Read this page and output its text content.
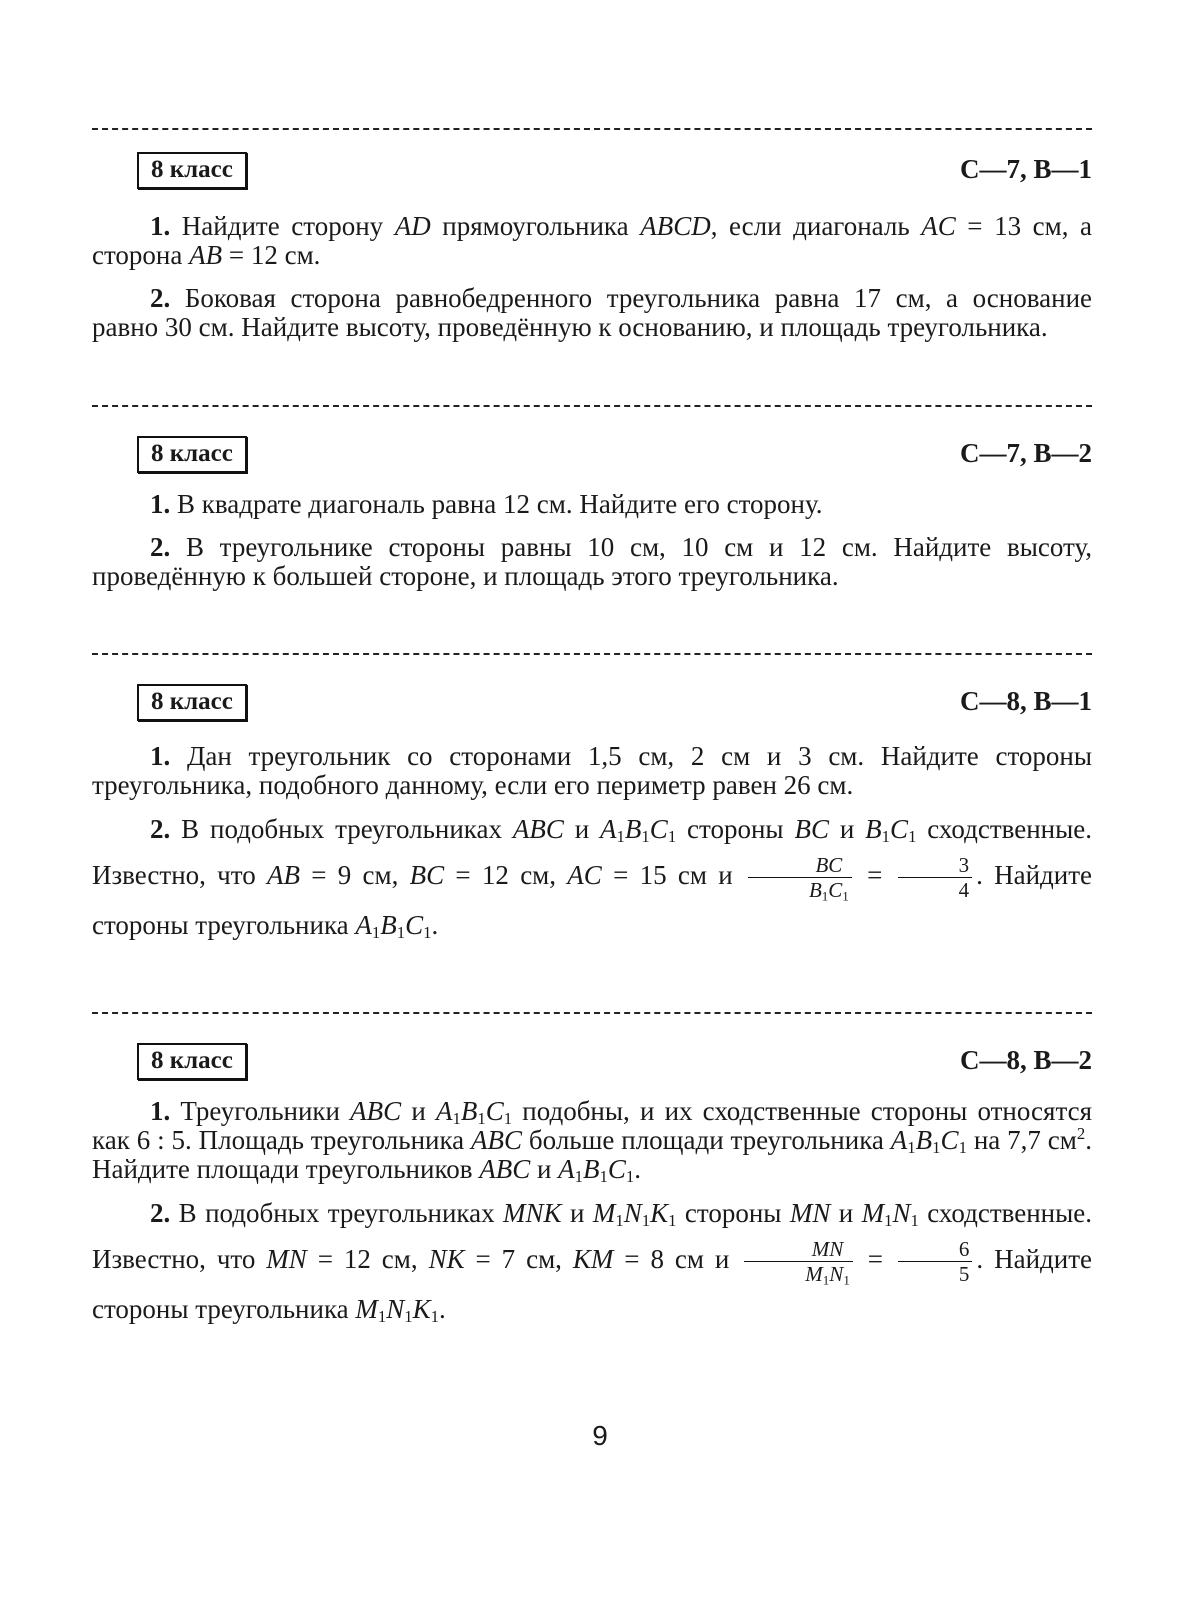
8 класс	С—7, В—1

1. Найдите сторону AD прямоугольника ABCD, если диагональ AC = 13 см, а сторона AB = 12 см.

2. Боковая сторона равнобедренного треугольника равна 17 см, а основание равно 30 см. Найдите высоту, проведённую к основанию, и площадь треугольника.

8 класс	С—7, В—2

1. В квадрате диагональ равна 12 см. Найдите его сторону.

2. В треугольнике стороны равны 10 см, 10 см и 12 см. Найдите высоту, проведённую к большей стороне, и площадь этого треугольника.

8 класс	С—8, В—1

1. Дан треугольник со сторонами 1,5 см, 2 см и 3 см. Найдите стороны треугольника, подобного данному, если его периметр равен 26 см.

2. В подобных треугольниках ABC и $A_1B_1C_1$ стороны BC и $B_1C_1$ сходственные. Известно, что AB = 9 см, BC = 12 см, AC = 15 см и $\frac{BC}{B_1C_1} = \frac{3}{4}$ . Найдите стороны треугольника $A_1B_1C_1$.

8 класс	С—8, В—2

1. Треугольники ABC и $A_1B_1C_1$ подобны, и их сходственные стороны относятся как 6 : 5. Площадь треугольника ABC больше площади треугольника $A_1B_1C_1$ на 7,7 $см^2$. Найдите площади треугольников ABC и $A_1B_1C_1$.

2. В подобных треугольниках MNK и $M_1N_1K_1$ стороны MN и $M_1N_1$ сходственные. Известно, что MN = 12 см, NK = 7 см, KM = 8 см и $\frac{MN}{M_1N_1} = \frac{6}{5}$ . Найдите стороны треугольника $M_1N_1K_1$.

9
